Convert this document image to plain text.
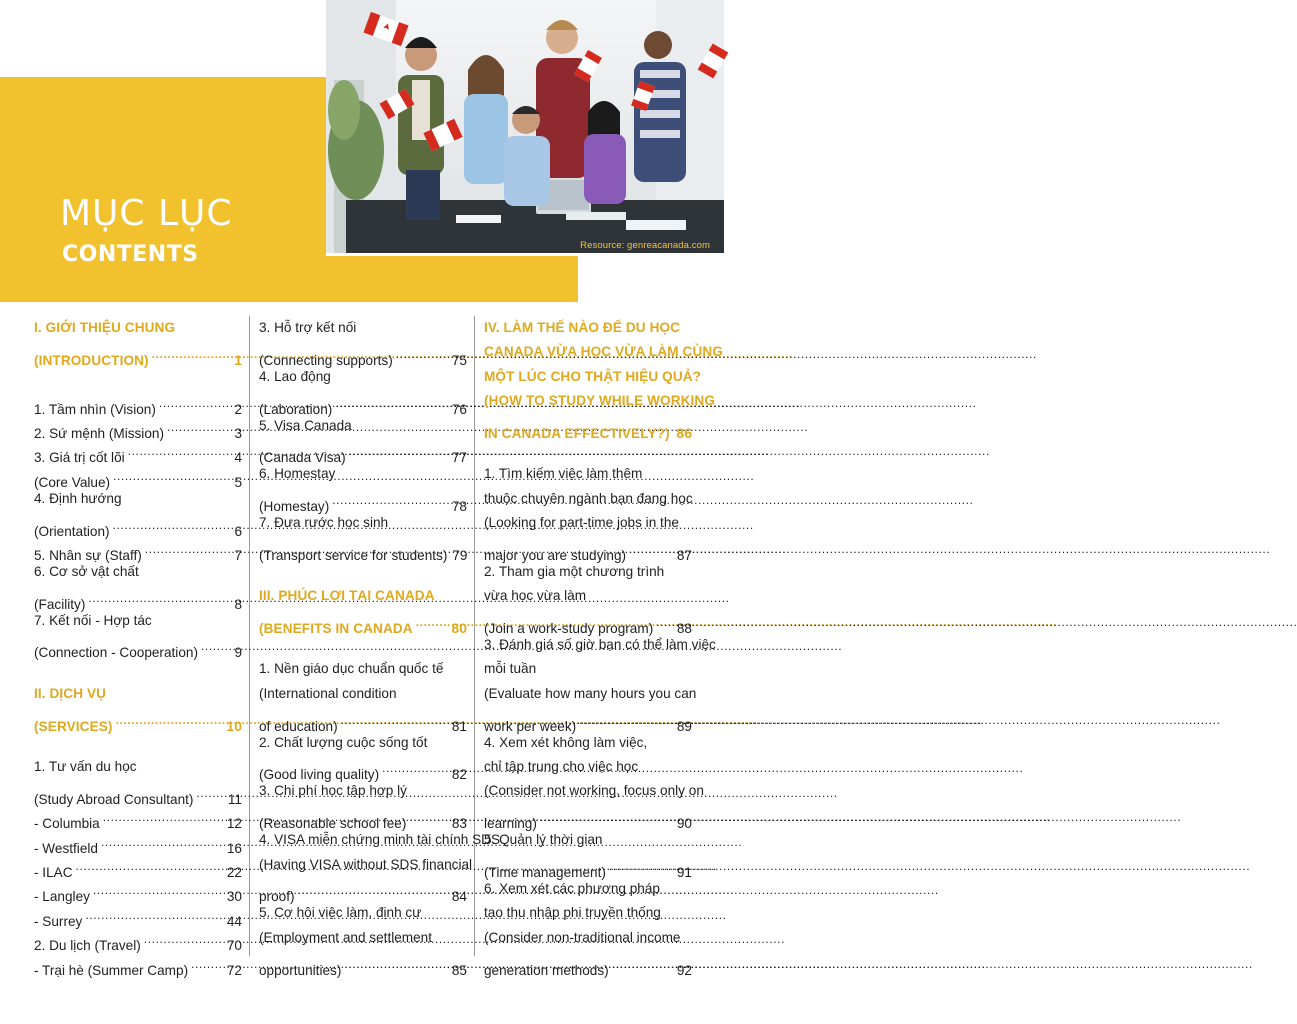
Resource: genreacanada.com
MỤC LỤC
CONTENTS
I. GIỚI THIỆU CHUNG
(INTRODUCTION) .....	1
1. Tầm nhìn (Vision) .....	2
2. Sứ mệnh (Mission) .....	3
3. Giá trị cốt lõi .....	4
(Core Value) .....	5
4. Định hướng
(Orientation) .....	6
5. Nhân sự (Staff) .....	7
6. Cơ sở vật chất
(Facility) .....	8
7. Kết nối - Hợp tác
(Connection - Cooperation) .....	9
II. DỊCH VỤ
(SERVICES) .....	10
1. Tư vấn du học
(Study Abroad Consultant) .....	11
- Columbia .....	12
- Westfield .....	16
- ILAC .....	22
- Langley .....	30
- Surrey .....	44
2. Du lịch (Travel) .....	70
- Trại hè (Summer Camp) .....	72
3. Hỗ trợ kết nối
(Connecting supports) .....	75
4. Lao động
(Laboration) .....	76
5. Visa Canada
(Canada Visa) .....	77
6. Homestay
(Homestay) .....	78
7. Đưa rước học sinh
(Transport service for students) 79
III. PHÚC LỢI TẠI CANADA
(BENEFITS IN CANADA .....	80
1. Nền giáo dục chuẩn quốc tế
(International condition
of education) .....	81
2. Chất lượng cuộc sống tốt
(Good living quality) .....	82
3. Chi phí học tập hợp lý
(Reasonable school fee) .....	83
4. VISA miễn chứng minh tài chính SDS
(Having VISA without SDS financial
proof) .....	84
5. Cơ hội việc làm, định cư
(Employment and settlement
opportunities) .....	85
IV. LÀM THẾ NÀO ĐỂ DU HỌC
CANADA VỪA HỌC VỪA LÀM CÙNG
MỘT LÚC CHO THẬT HIỆU QUẢ?
(HOW TO STUDY WHILE WORKING
IN CANADA EFFECTIVELY?) ..... 86
1. Tìm kiếm việc làm thêm
thuộc chuyên ngành bạn đang học
(Looking for part-time jobs in the
major you are studying) .....	87
2. Tham gia một chương trình
vừa học vừa làm
(Join a work-study program) ..... 88
3. Đánh giá số giờ bạn có thể làm việc
mỗi tuần
(Evaluate how many hours you can
work per week) .....	89
4. Xem xét không làm việc,
chỉ tập trung cho việc học
(Consider not working, focus only on
learning) .....	90
5. Quản lý thời gian
(Time management) .....	91
6. Xem xét các phương pháp
tạo thu nhập phi truyền thống
(Consider non-traditional income
generation methods) .....	92
